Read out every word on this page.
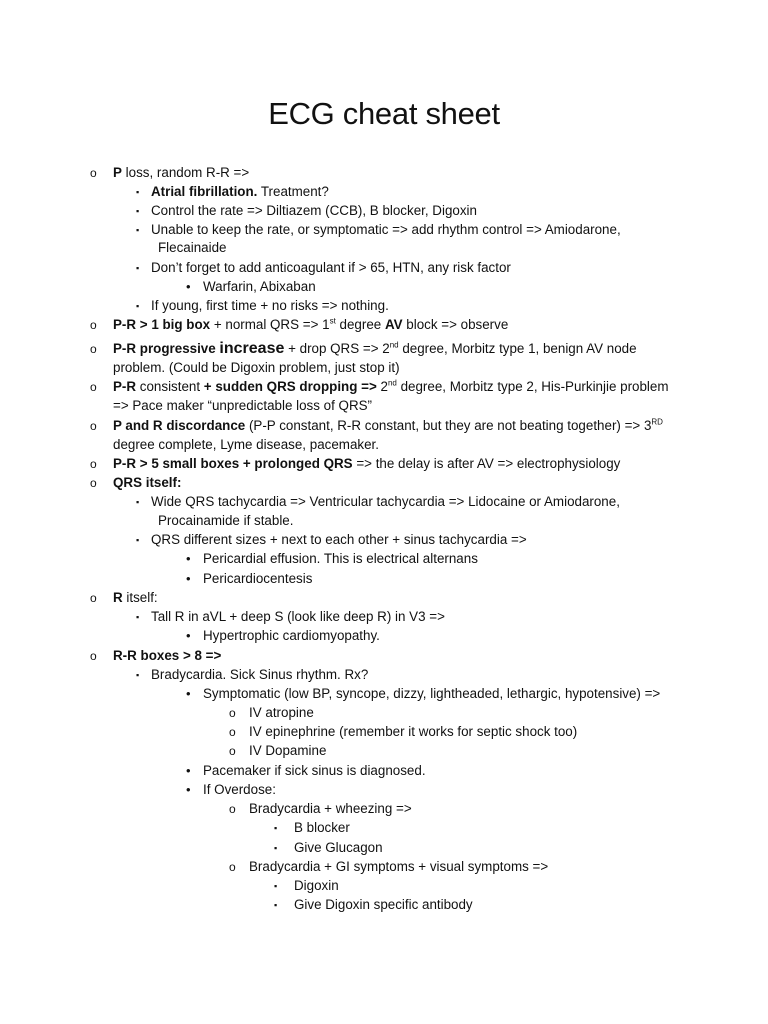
ECG cheat sheet
o P loss, random R-R =>
▪ Atrial fibrillation. Treatment?
▪ Control the rate => Diltiazem (CCB), B blocker, Digoxin
▪ Unable to keep the rate, or symptomatic => add rhythm control => Amiodarone,
Flecainaide
▪ Don’t forget to add anticoagulant if > 65, HTN, any risk factor
• Warfarin, Abixaban
▪ If young, first time + no risks => nothing.
o P-R > 1 big box + normal QRS => 1st degree AV block => observe
o P-R progressive increase + drop QRS => 2nd degree, Morbitz type 1, benign AV node
problem. (Could be Digoxin problem, just stop it)
o P-R consistent + sudden QRS dropping => 2nd degree, Morbitz type 2, His-Purkinjie problem
=> Pace maker “unpredictable loss of QRS”
o P and R discordance (P-P constant, R-R constant, but they are not beating together) => 3RD
degree complete, Lyme disease, pacemaker.
o P-R > 5 small boxes + prolonged QRS => the delay is after AV => electrophysiology
o QRS itself:
▪ Wide QRS tachycardia => Ventricular tachycardia => Lidocaine or Amiodarone,
Procainamide if stable.
▪ QRS different sizes + next to each other + sinus tachycardia =>
• Pericardial effusion. This is electrical alternans
• Pericardiocentesis
o R itself:
▪ Tall R in aVL + deep S (look like deep R) in V3 =>
• Hypertrophic cardiomyopathy.
o R-R boxes > 8 =>
▪ Bradycardia. Sick Sinus rhythm. Rx?
• Symptomatic (low BP, syncope, dizzy, lightheaded, lethargic, hypotensive) =>
o IV atropine
o IV epinephrine (remember it works for septic shock too)
o IV Dopamine
• Pacemaker if sick sinus is diagnosed.
• If Overdose:
o Bradycardia + wheezing =>
▪ B blocker
▪ Give Glucagon
o Bradycardia + GI symptoms + visual symptoms =>
▪ Digoxin
▪ Give Digoxin specific antibody
